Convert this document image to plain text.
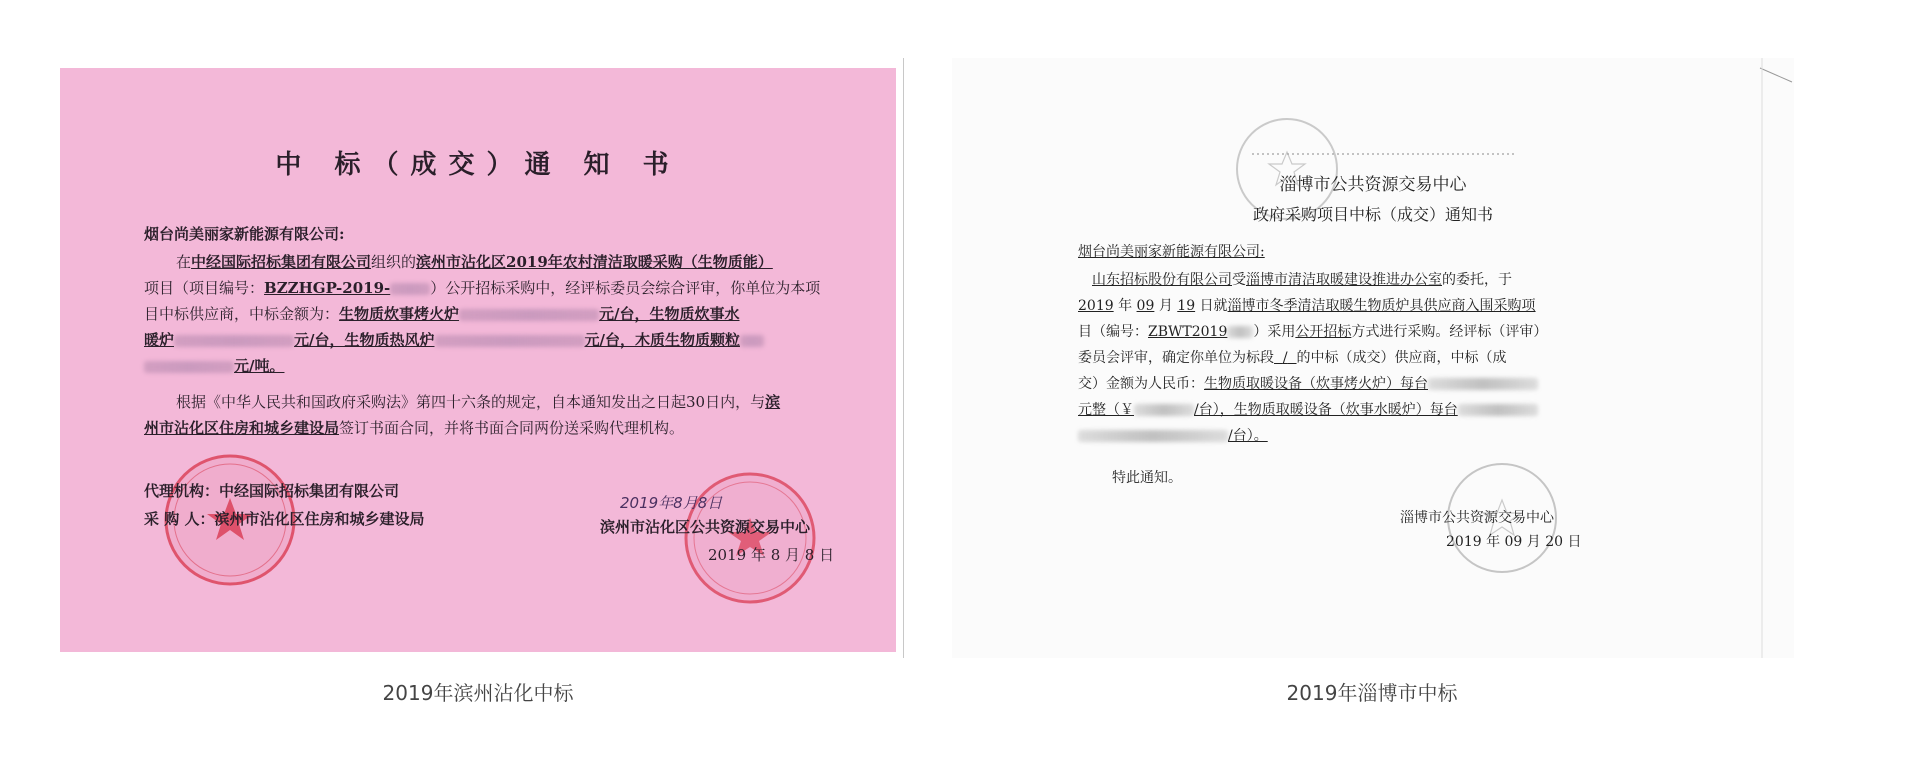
中 标（成交）通 知 书
烟台尚美丽家新能源有限公司:
在中经国际招标集团有限公司组织的滨州市沾化区2019年农村清洁取暖采购（生物质能）
项目（项目编号：BZZHGP-2019-	）公开招标采购中，经评标委员会综合评审，你单位为本项
目中标供应商，中标金额为：生物质炊事烤火炉	元/台，生物质炊事水
暖炉	元/台，生物质热风炉	元/台，木质生物质颗粒
元/吨。
根据《中华人民共和国政府采购法》第四十六条的规定，自本通知发出之日起30日内，与滨
州市沾化区住房和城乡建设局签订书面合同，并将书面合同两份送采购代理机构。
代理机构：中经国际招标集团有限公司
采 购 人：滨州市沾化区住房和城乡建设局
2019年8月8日
滨州市沾化区公共资源交易中心
2019 年 8 月 8 日
淄博市公共资源交易中心
政府采购项目中标（成交）通知书
烟台尚美丽家新能源有限公司:
山东招标股份有限公司受淄博市清洁取暖建设推进办公室的委托，于
2019 年 09 月 19 日就淄博市冬季清洁取暖生物质炉具供应商入围采购项
目（编号：ZBWT2019 ）采用公开招标方式进行采购。经评标（评审）
委员会评审，确定你单位为标段 / 的中标（成交）供应商，中标（成
交）金额为人民币：生物质取暖设备（炊事烤火炉）每台
元整（￥	/台），生物质取暖设备（炊事水暖炉）每台
/台）。
特此通知。
淄博市公共资源交易中心
2019 年 09 月 20 日
2019年滨州沾化中标	2019年淄博市中标
